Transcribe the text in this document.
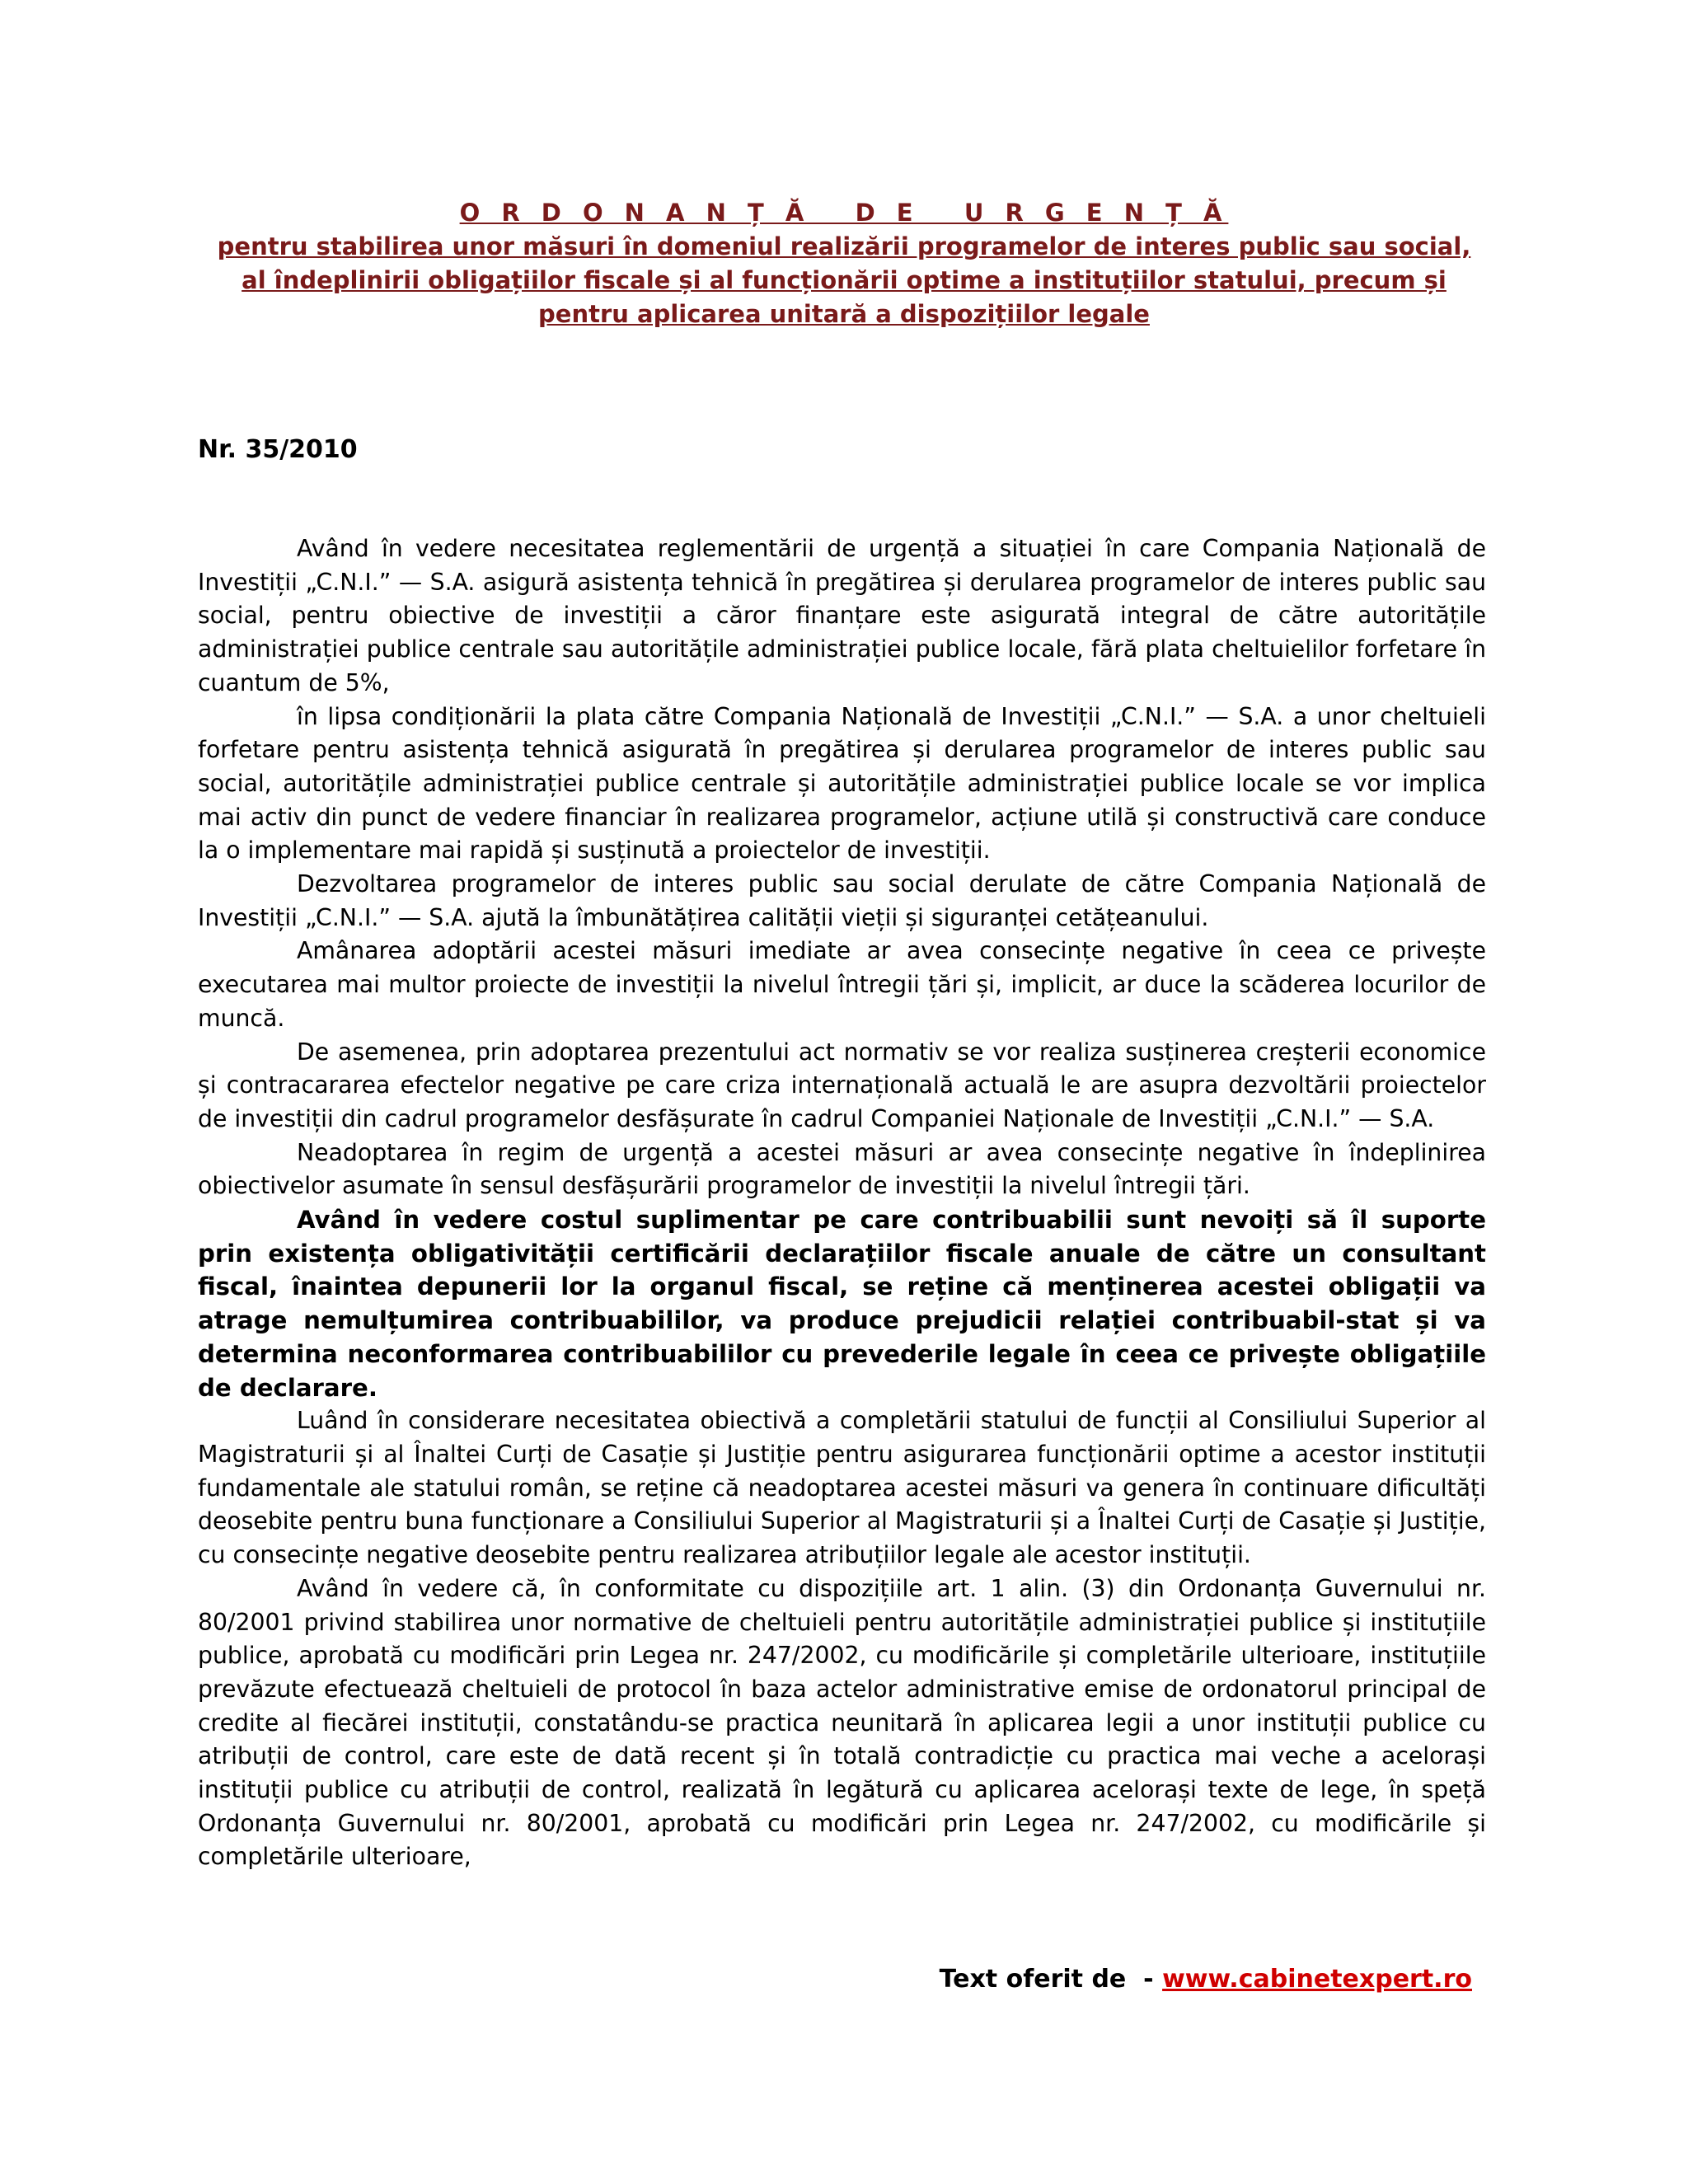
O R D O N A N Ț Ă   D E   U R G E N Ț Ă
pentru stabilirea unor măsuri în domeniul realizării programelor de interes public sau social,
al îndeplinirii obligațiilor fiscale și al funcționării optime a instituțiilor statului, precum și
pentru aplicarea unitară a dispozițiilor legale
Nr. 35/2010

Având în vedere necesitatea reglementării de urgență a situației în care Compania Națională de Investiții „C.N.I.” — S.A. asigură asistența tehnică în pregătirea și derularea programelor de interes public sau social, pentru obiective de investiții a căror finanțare este asigurată integral de către autoritățile administrației publice centrale sau autoritățile administrației publice locale, fără plata cheltuielilor forfetare în cuantum de 5%,

în lipsa condiționării la plata către Compania Națională de Investiții „C.N.I.” — S.A. a unor cheltuieli forfetare pentru asistența tehnică asigurată în pregătirea și derularea programelor de interes public sau social, autoritățile administrației publice centrale și autoritățile administrației publice locale se vor implica mai activ din punct de vedere financiar în realizarea programelor, acțiune utilă și constructivă care conduce la o implementare mai rapidă și susținută a proiectelor de investiții.

Dezvoltarea programelor de interes public sau social derulate de către Compania Națională de Investiții „C.N.I.” — S.A. ajută la îmbunătățirea calității vieții și siguranței cetățeanului.

Amânarea adoptării acestei măsuri imediate ar avea consecințe negative în ceea ce privește executarea mai multor proiecte de investiții la nivelul întregii țări și, implicit, ar duce la scăderea locurilor de muncă.

De asemenea, prin adoptarea prezentului act normativ se vor realiza susținerea creșterii economice și contracararea efectelor negative pe care criza internațională actuală le are asupra dezvoltării proiectelor de investiții din cadrul programelor desfășurate în cadrul Companiei Naționale de Investiții „C.N.I.” — S.A.

Neadoptarea în regim de urgență a acestei măsuri ar avea consecințe negative în îndeplinirea obiectivelor asumate în sensul desfășurării programelor de investiții la nivelul întregii țări.

Având în vedere costul suplimentar pe care contribuabilii sunt nevoiți să îl suporte prin existența obligativității certificării declarațiilor fiscale anuale de către un consultant fiscal, înaintea depunerii lor la organul fiscal, se reține că menținerea acestei obligații va atrage nemulțumirea contribuabililor, va produce prejudicii relației contribuabil-stat și va determina neconformarea contribuabililor cu prevederile legale în ceea ce privește obligațiile de declarare.

Luând în considerare necesitatea obiectivă a completării statului de funcții al Consiliului Superior al Magistraturii și al Înaltei Curți de Casație și Justiție pentru asigurarea funcționării optime a acestor instituții fundamentale ale statului român, se reține că neadoptarea acestei măsuri va genera în continuare dificultăți deosebite pentru buna funcționare a Consiliului Superior al Magistraturii și a Înaltei Curți de Casație și Justiție, cu consecințe negative deosebite pentru realizarea atribuțiilor legale ale acestor instituții.

Având în vedere că, în conformitate cu dispozițiile art. 1 alin. (3) din Ordonanța Guvernului nr. 80/2001 privind stabilirea unor normative de cheltuieli pentru autoritățile administrației publice și instituțiile publice, aprobată cu modificări prin Legea nr. 247/2002, cu modificările și completările ulterioare, instituțiile prevăzute efectuează cheltuieli de protocol în baza actelor administrative emise de ordonatorul principal de credite al fiecărei instituții, constatându-se practica neunitară în aplicarea legii a unor instituții publice cu atribuții de control, care este de dată recent și în totală contradicție cu practica mai veche a acelorași instituții publice cu atribuții de control, realizată în legătură cu aplicarea acelorași texte de lege, în speță Ordonanța Guvernului nr. 80/2001, aprobată cu modificări prin Legea nr. 247/2002, cu modificările și completările ulterioare,

Text oferit de  - www.cabinetexpert.ro
